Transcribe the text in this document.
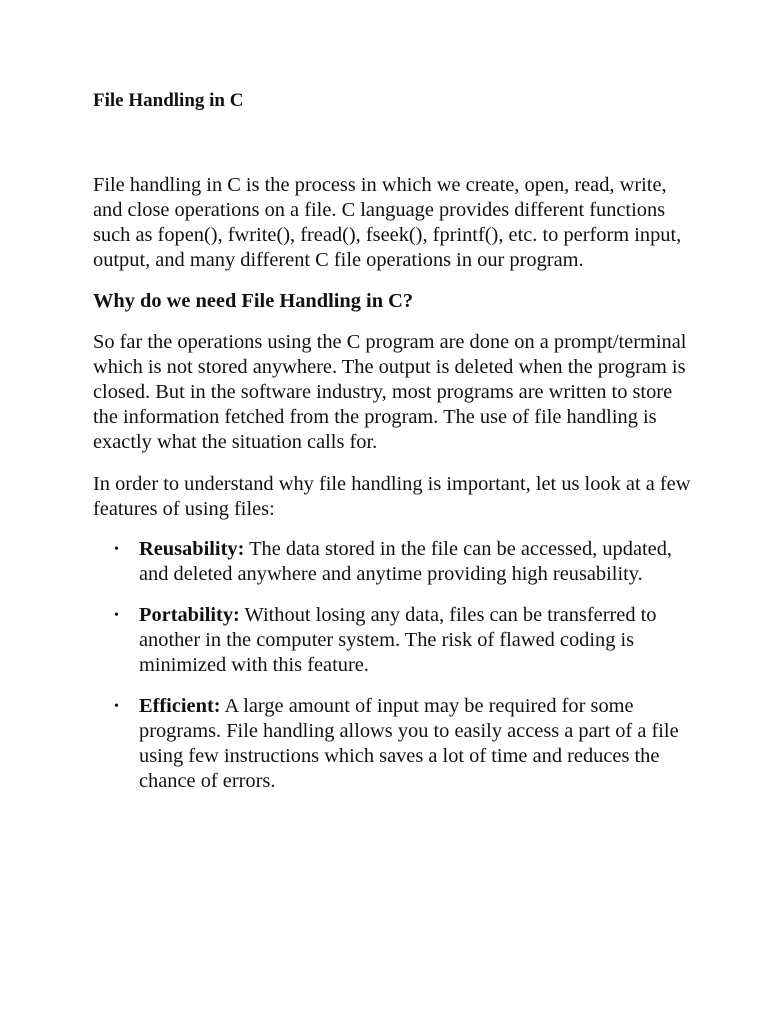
File Handling in C

File handling in C is the process in which we create, open, read, write, and close operations on a file. C language provides different functions such as fopen(), fwrite(), fread(), fseek(), fprintf(), etc. to perform input, output, and many different C file operations in our program.

Why do we need File Handling in C?

So far the operations using the C program are done on a prompt/terminal which is not stored anywhere. The output is deleted when the program is closed. But in the software industry, most programs are written to store the information fetched from the program. The use of file handling is exactly what the situation calls for.

In order to understand why file handling is important, let us look at a few features of using files:

• Reusability: The data stored in the file can be accessed, updated, and deleted anywhere and anytime providing high reusability.
• Portability: Without losing any data, files can be transferred to another in the computer system. The risk of flawed coding is minimized with this feature.
• Efficient: A large amount of input may be required for some programs. File handling allows you to easily access a part of a file using few instructions which saves a lot of time and reduces the chance of errors.
